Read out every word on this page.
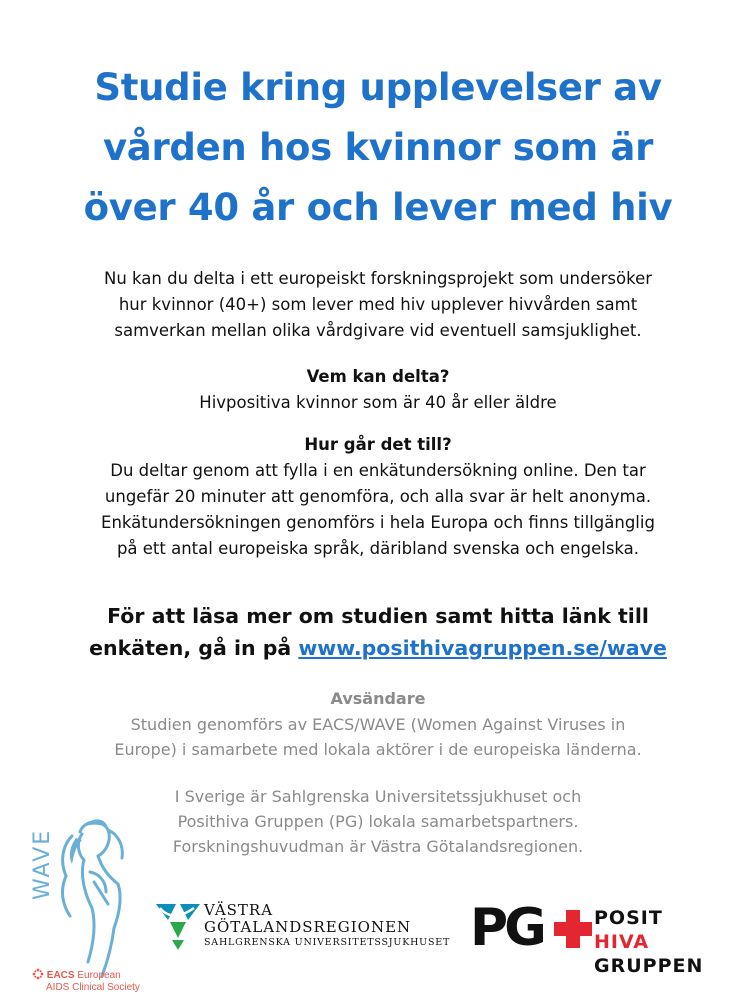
Studie kring upplevelser av
vården hos kvinnor som är
över 40 år och lever med hiv

Nu kan du delta i ett europeiskt forskningsprojekt som undersöker
hur kvinnor (40+) som lever med hiv upplever hivvården samt
samverkan mellan olika vårdgivare vid eventuell samsjuklighet.

Vem kan delta?

Hivpositiva kvinnor som är 40 år eller äldre

Hur går det till?

Du deltar genom att fylla i en enkätundersökning online. Den tar
ungefär 20 minuter att genomföra, och alla svar är helt anonyma.
Enkätundersökningen genomförs i hela Europa och finns tillgänglig
på ett antal europeiska språk, däribland svenska och engelska.

För att läsa mer om studien samt hitta länk till
enkäten, gå in på www.posithivagruppen.se/wave

Avsändare

Studien genomförs av EACS/WAVE (Women Against Viruses in
Europe) i samarbete med lokala aktörer i de europeiska länderna.

I Sverige är Sahlgrenska Universitetssjukhuset och
Posithiva Gruppen (PG) lokala samarbetspartners.
Forskningshuvudman är Västra Götalandsregionen.

WAVE
EACS European
AIDS Clinical Society
VÄSTRA
GÖTALANDSREGIONEN
SAHLGRENSKA UNIVERSITETSSJUKHUSET PG	POSIT
HIVA
GRUPPEN
